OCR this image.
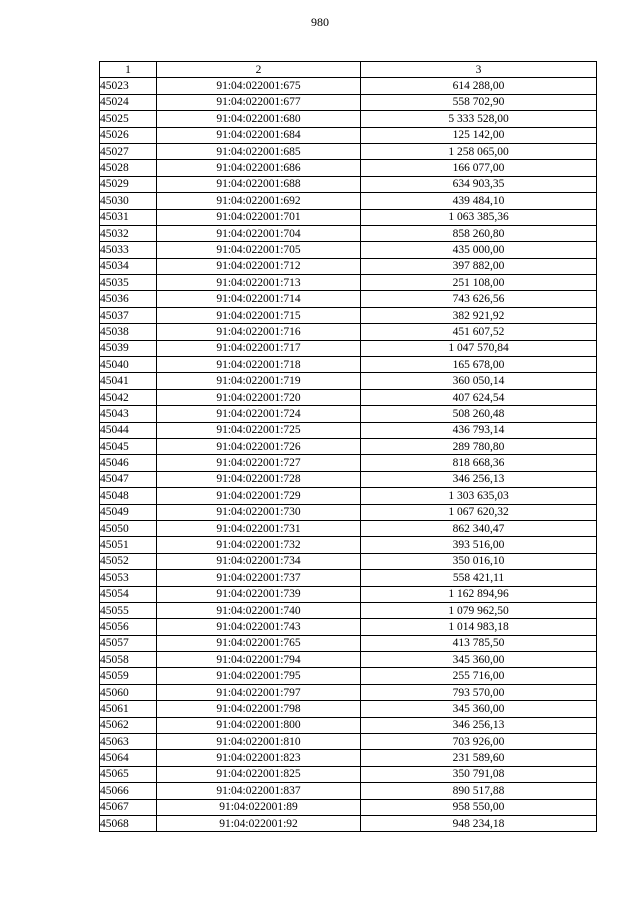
980
1	2	3
45023	91:04:022001:675	614 288,00
45024	91:04:022001:677	558 702,90
45025	91:04:022001:680	5 333 528,00
45026	91:04:022001:684	125 142,00
45027	91:04:022001:685	1 258 065,00
45028	91:04:022001:686	166 077,00
45029	91:04:022001:688	634 903,35
45030	91:04:022001:692	439 484,10
45031	91:04:022001:701	1 063 385,36
45032	91:04:022001:704	858 260,80
45033	91:04:022001:705	435 000,00
45034	91:04:022001:712	397 882,00
45035	91:04:022001:713	251 108,00
45036	91:04:022001:714	743 626,56
45037	91:04:022001:715	382 921,92
45038	91:04:022001:716	451 607,52
45039	91:04:022001:717	1 047 570,84
45040	91:04:022001:718	165 678,00
45041	91:04:022001:719	360 050,14
45042	91:04:022001:720	407 624,54
45043	91:04:022001:724	508 260,48
45044	91:04:022001:725	436 793,14
45045	91:04:022001:726	289 780,80
45046	91:04:022001:727	818 668,36
45047	91:04:022001:728	346 256,13
45048	91:04:022001:729	1 303 635,03
45049	91:04:022001:730	1 067 620,32
45050	91:04:022001:731	862 340,47
45051	91:04:022001:732	393 516,00
45052	91:04:022001:734	350 016,10
45053	91:04:022001:737	558 421,11
45054	91:04:022001:739	1 162 894,96
45055	91:04:022001:740	1 079 962,50
45056	91:04:022001:743	1 014 983,18
45057	91:04:022001:765	413 785,50
45058	91:04:022001:794	345 360,00
45059	91:04:022001:795	255 716,00
45060	91:04:022001:797	793 570,00
45061	91:04:022001:798	345 360,00
45062	91:04:022001:800	346 256,13
45063	91:04:022001:810	703 926,00
45064	91:04:022001:823	231 589,60
45065	91:04:022001:825	350 791,08
45066	91:04:022001:837	890 517,88
45067	91:04:022001:89	958 550,00
45068	91:04:022001:92	948 234,18
